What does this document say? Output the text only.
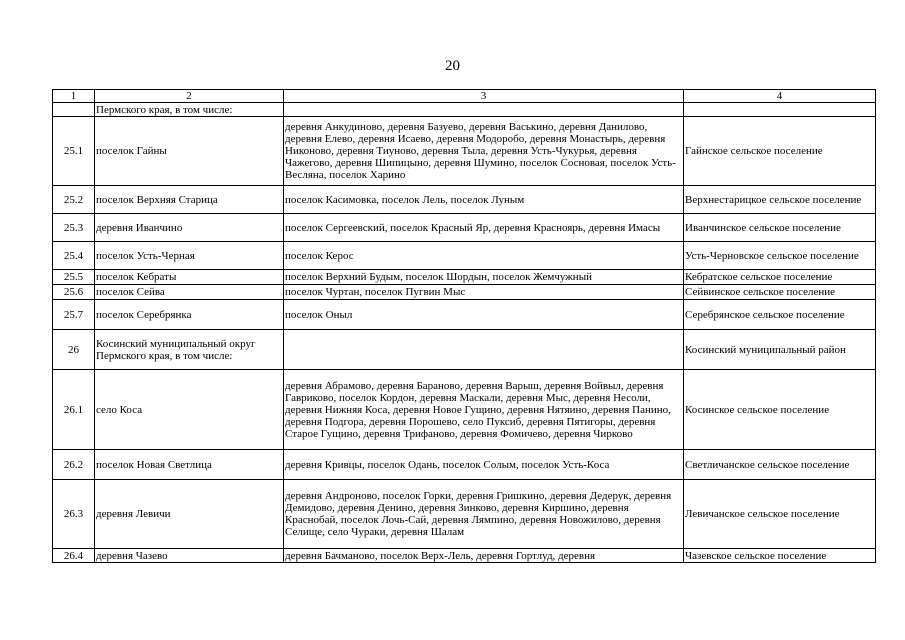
20
1	2	3	4
	Пермского края, в том числе:		
25.1	поселок Гайны	деревня Анкудиново, деревня Базуево, деревня Васькино, деревня Данилово, деревня Елево, деревня Исаево, деревня Модоробо, деревня Монастырь, деревня Никоново, деревня Тиуново, деревня Тыла, деревня Усть-Чукурья, деревня Чажегово, деревня Шипицыно, деревня Шумино, поселок Сосновая, поселок Усть-Весляна, поселок Харино	Гайнское сельское поселение
25.2	поселок Верхняя Старица	поселок Касимовка, поселок Лель, поселок Луным	Верхнестарицкое сельское поселение
25.3	деревня Иванчино	поселок Сергеевский, поселок Красный Яр, деревня Красноярь, деревня Имасы	Иванчинское сельское поселение
25.4	поселок Усть-Черная	поселок Керос	Усть-Черновское сельское поселение
25.5	поселок Кебраты	поселок Верхний Будым, поселок Шордын, поселок Жемчужный	Кебратское сельское поселение
25.6	поселок Сейва	поселок Чуртан, поселок Пугвин Мыс	Сейвинское сельское поселение
25.7	поселок Серебрянка	поселок Оныл	Серебрянское сельское поселение
26	Косинский муниципальный округ Пермского края, в том числе:		Косинский муниципальный район
26.1	село Коса	деревня Абрамово, деревня Бараново, деревня Варыш, деревня Войвыл, деревня Гавриково, поселок Кордон, деревня Маскали, деревня Мыс, деревня Несоли, деревня Нижняя Коса, деревня Новое Гущино, деревня Нятяино, деревня Панино, деревня Подгора, деревня Порошево, село Пуксиб, деревня Пятигоры, деревня Старое Гущино, деревня Трифаново, деревня Фомичево, деревня Чирково	Косинское сельское поселение
26.2	поселок Новая Светлица	деревня Кривцы, поселок Одань, поселок Солым, поселок Усть-Коса	Светличанское сельское поселение
26.3	деревня Левичи	деревня Андроново, поселок Горки, деревня Гришкино, деревня Дедерук, деревня Демидово, деревня Денино, деревня Зинково, деревня Киршино, деревня Краснобай, поселок Лочь-Сай, деревня Лямпино, деревня Новожилово, деревня Селище, село Чураки, деревня Шалам	Левичанское сельское поселение
26.4	деревня Чазево	деревня Бачманово, поселок Верх-Лель, деревня Гортлуд, деревня	Чазевское сельское поселение
